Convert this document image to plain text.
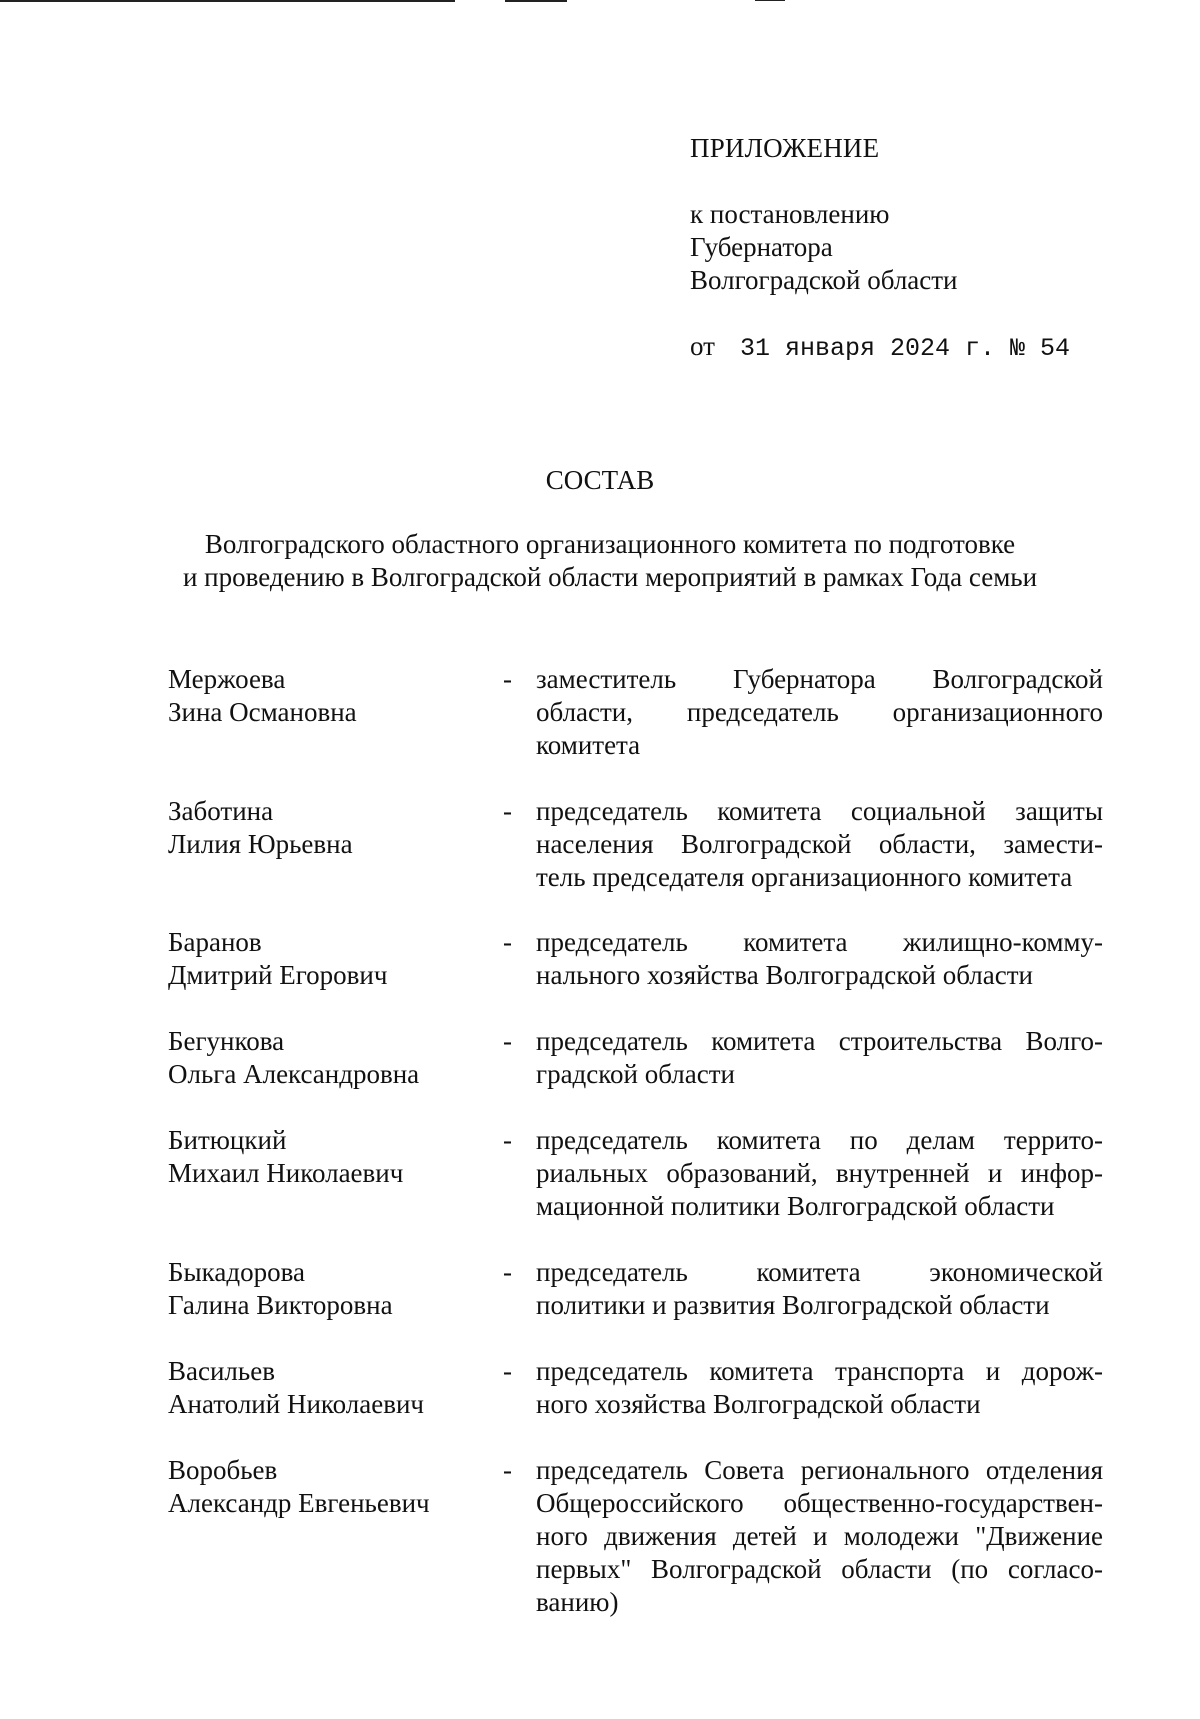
ПРИЛОЖЕНИЕ
к постановлению
Губернатора
Волгоградской области
от 31 января 2024 г. № 54
СОСТАВ
Волгоградского областного организационного комитета по подготовке
и проведению в Волгоградской области мероприятий в рамках Года семьи
Мержоева
Зина Османовна
- заместитель Губернатора Волгоградской
области, председатель организационного
комитета
Заботина
Лилия Юрьевна
- председатель комитета социальной защиты
населения Волгоградской области, замести-
тель председателя организационного комитета
Баранов
Дмитрий Егорович
- председатель комитета жилищно-комму-
нального хозяйства Волгоградской области
Бегункова
Ольга Александровна
- председатель комитета строительства Волго-
градской области
Битюцкий
Михаил Николаевич
- председатель комитета по делам террито-
риальных образований, внутренней и инфор-
мационной политики Волгоградской области
Быкадорова
Галина Викторовна
- председатель комитета экономической
политики и развития Волгоградской области
Васильев
Анатолий Николаевич
- председатель комитета транспорта и дорож-
ного хозяйства Волгоградской области
Воробьев
Александр Евгеньевич
- председатель Совета регионального отделения
Общероссийского общественно-государствен-
ного движения детей и молодежи "Движение
первых" Волгоградской области (по согласо-
ванию)
